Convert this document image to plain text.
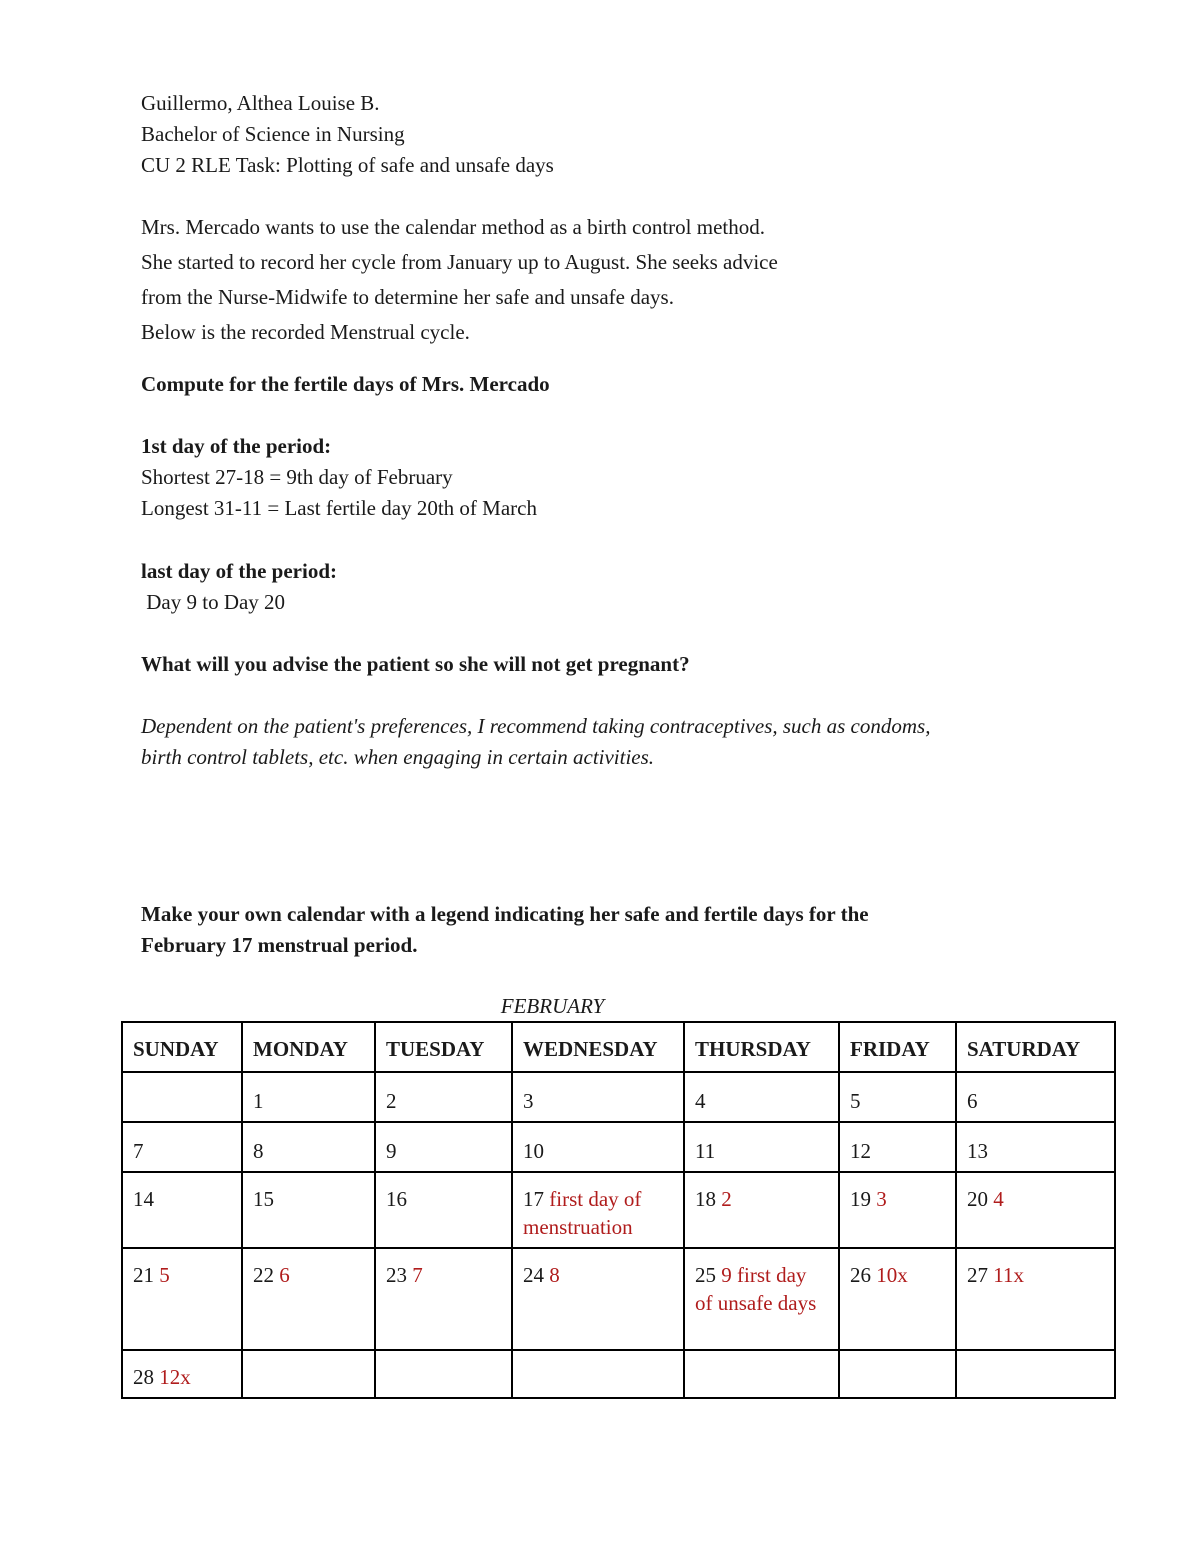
Guillermo, Althea Louise B.
Bachelor of Science in Nursing
CU 2 RLE Task: Plotting of safe and unsafe days
Mrs. Mercado wants to use the calendar method as a birth control method.
She started to record her cycle from January up to August. She seeks advice
from the Nurse-Midwife to determine her safe and unsafe days.
Below is the recorded Menstrual cycle.
Compute for the fertile days of Mrs. Mercado
1st day of the period:
Shortest 27-18 = 9th day of February
Longest 31-11 = Last fertile day 20th of March
last day of the period:
Day 9 to Day 20
What will you advise the patient so she will not get pregnant?
Dependent on the patient's preferences, I recommend taking contraceptives, such as condoms,
birth control tablets, etc. when engaging in certain activities.
Make your own calendar with a legend indicating her safe and fertile days for the
February 17 menstrual period.
FEBRUARY
SUNDAY	MONDAY	TUESDAY	WEDNESDAY	THURSDAY	FRIDAY	SATURDAY
	1	2	3	4	5	6
7	8	9	10	11	12	13
14	15	16	17 first day of menstruation	18 2	19 3	20 4
21 5	22 6	23 7	24 8	25 9 first day of unsafe days	26 10x	27 11x
28 12x						
